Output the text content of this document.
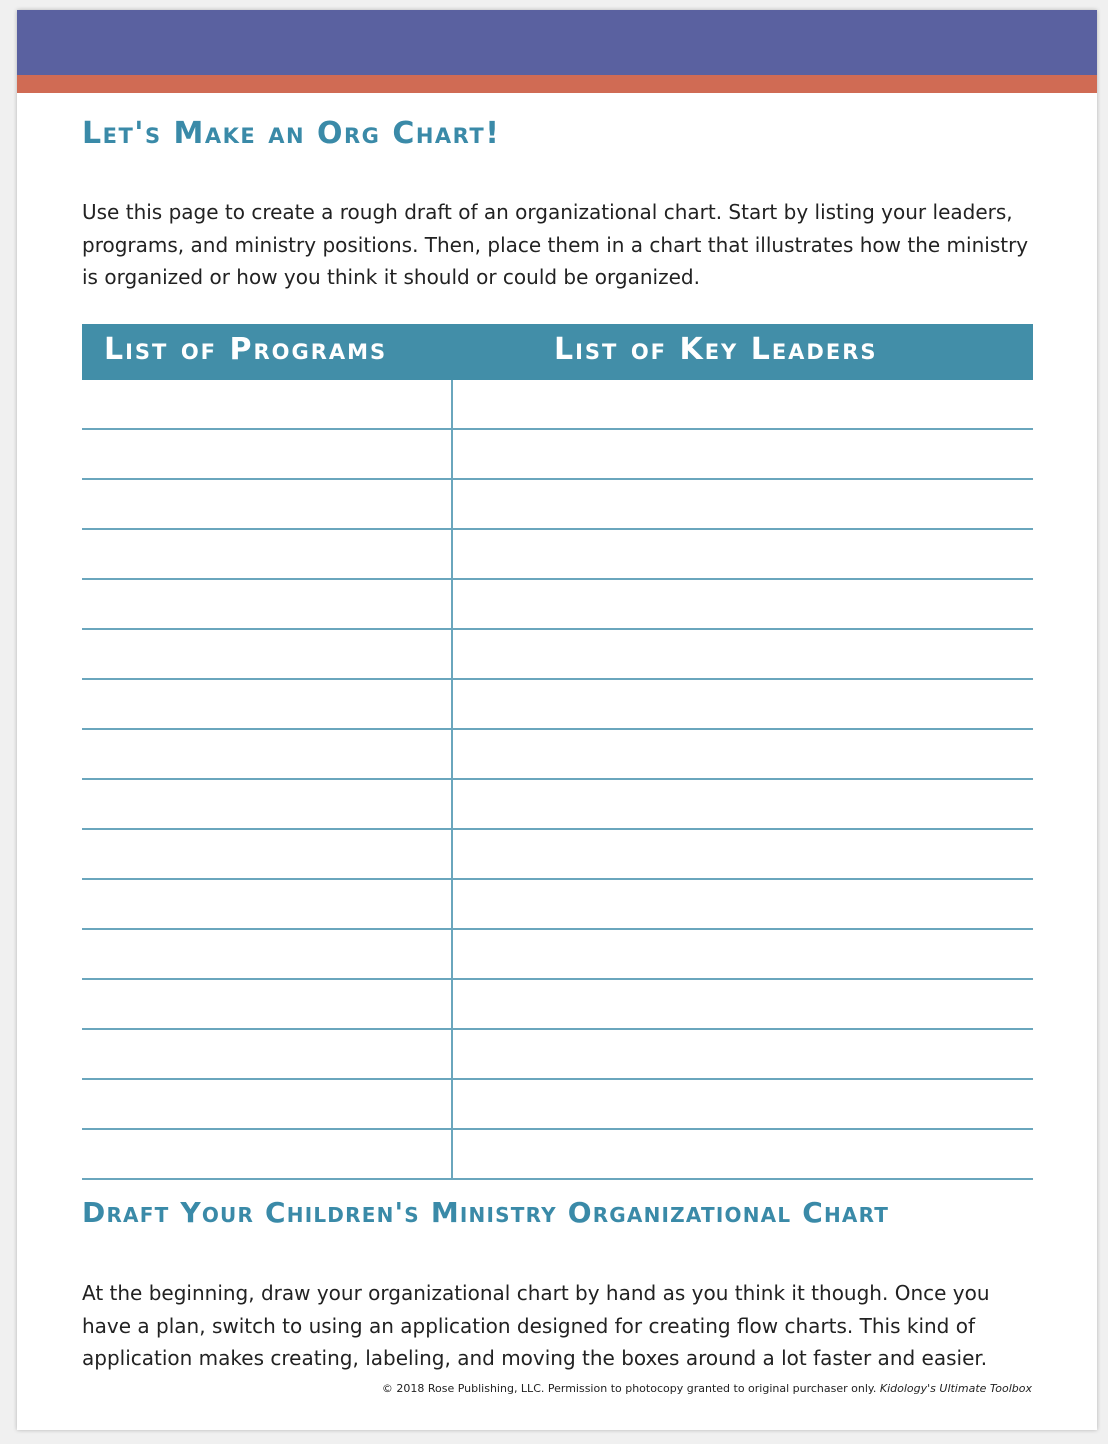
Let's Make an Org Chart!

Use this page to create a rough draft of an organizational chart. Start by listing your leaders, programs, and ministry positions. Then, place them in a chart that illustrates how the ministry is organized or how you think it should or could be organized.

List of Programs	List of Key Leaders
Draft Your Children's Ministry Organizational Chart

At the beginning, draw your organizational chart by hand as you think it though. Once you have a plan, switch to using an application designed for creating flow charts. This kind of application makes creating, labeling, and moving the boxes around a lot faster and easier.

© 2018 Rose Publishing, LLC. Permission to photocopy granted to original purchaser only. Kidology's Ultimate Toolbox
